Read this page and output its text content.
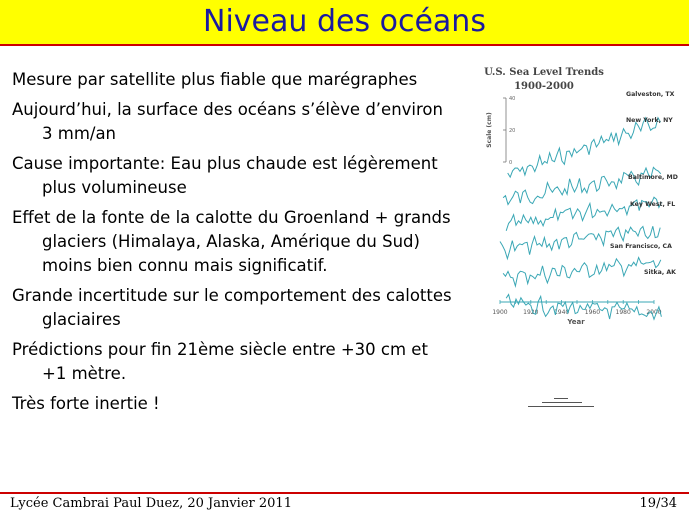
Niveau des océans
Mesure par satellite plus fiable que marégraphes
Aujourd’hui, la surface des océans s’élève d’environ 3 mm/an
Cause importante: Eau plus chaude est légèrement plus volumineuse
Effet de la fonte de la calotte du Groenland + grands glaciers (Himalaya, Alaska, Amérique du Sud) moins bien connu mais significatif.
Grande incertitude sur le comportement des calottes glaciaires
Prédictions pour fin 21ème siècle entre +30 cm et +1 mètre.
Très forte inertie !
U.S. Sea Level Trends
1900-2000
Scale (cm)
Year
0
20
40
1900	1920	1940	1960	1980	2000
Galveston, TX
New York, NY
Baltimore, MD
Key West, FL
San Francisco, CA
Sitka, AK
Lycée Cambrai Paul Duez, 20 Janvier 2011	19/34
